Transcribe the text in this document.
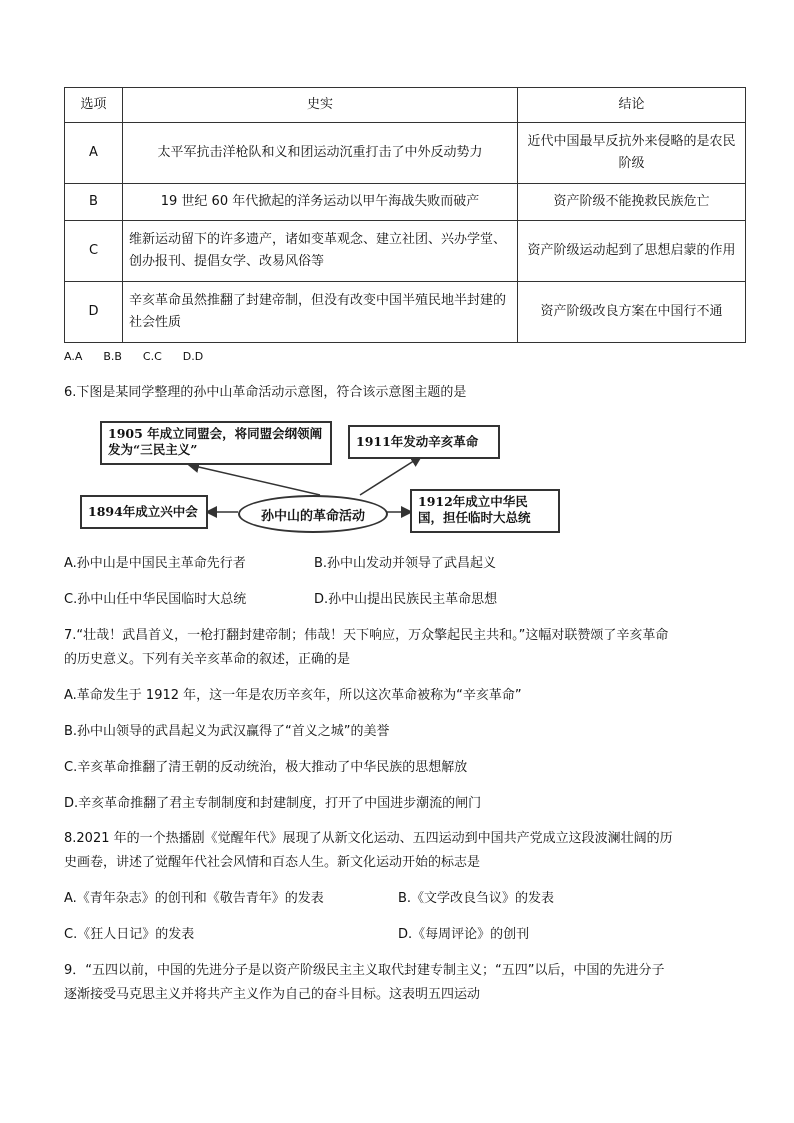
选项	史实	结论
A	太平军抗击洋枪队和义和团运动沉重打击了中外反动势力	近代中国最早反抗外来侵略的是农民阶级
B	19 世纪 60 年代掀起的洋务运动以甲午海战失败而破产	资产阶级不能挽救民族危亡
C	维新运动留下的许多遗产，诸如变革观念、建立社团、兴办学堂、创办报刊、提倡女学、改易风俗等	资产阶级运动起到了思想启蒙的作用
D	辛亥革命虽然推翻了封建帝制，但没有改变中国半殖民地半封建的社会性质	资产阶级改良方案在中国行不通
A.A      B.B      C.C      D.D
6.下图是某同学整理的孙中山革命活动示意图，符合该示意图主题的是
1905 年成立同盟会，将同盟会纲领阐发为“三民主义”
1911年发动辛亥革命
1894年成立兴中会	孙中山的革命活动
1912年成立中华民国，担任临时大总统
A.孙中山是中国民主革命先行者	B.孙中山发动并领导了武昌起义
C.孙中山任中华民国临时大总统	D.孙中山提出民族民主革命思想
7.“壮哉！武昌首义，一枪打翻封建帝制；伟哉！天下响应，万众擎起民主共和。”这幅对联赞颂了辛亥革命
的历史意义。下列有关辛亥革命的叙述，正确的是
A.革命发生于 1912 年，这一年是农历辛亥年，所以这次革命被称为“辛亥革命”
B.孙中山领导的武昌起义为武汉赢得了“首义之城”的美誉
C.辛亥革命推翻了清王朝的反动统治，极大推动了中华民族的思想解放
D.辛亥革命推翻了君主专制制度和封建制度，打开了中国进步潮流的闸门
8.2021 年的一个热播剧《觉醒年代》展现了从新文化运动、五四运动到中国共产党成立这段波澜壮阔的历
史画卷，讲述了觉醒年代社会风情和百态人生。新文化运动开始的标志是
A.《青年杂志》的创刊和《敬告青年》的发表	B.《文学改良刍议》的发表
C.《狂人日记》的发表	D.《每周评论》的创刊
9．“五四以前，中国的先进分子是以资产阶级民主主义取代封建专制主义；“五四”以后，中国的先进分子
逐渐接受马克思主义并将共产主义作为自己的奋斗目标。这表明五四运动
